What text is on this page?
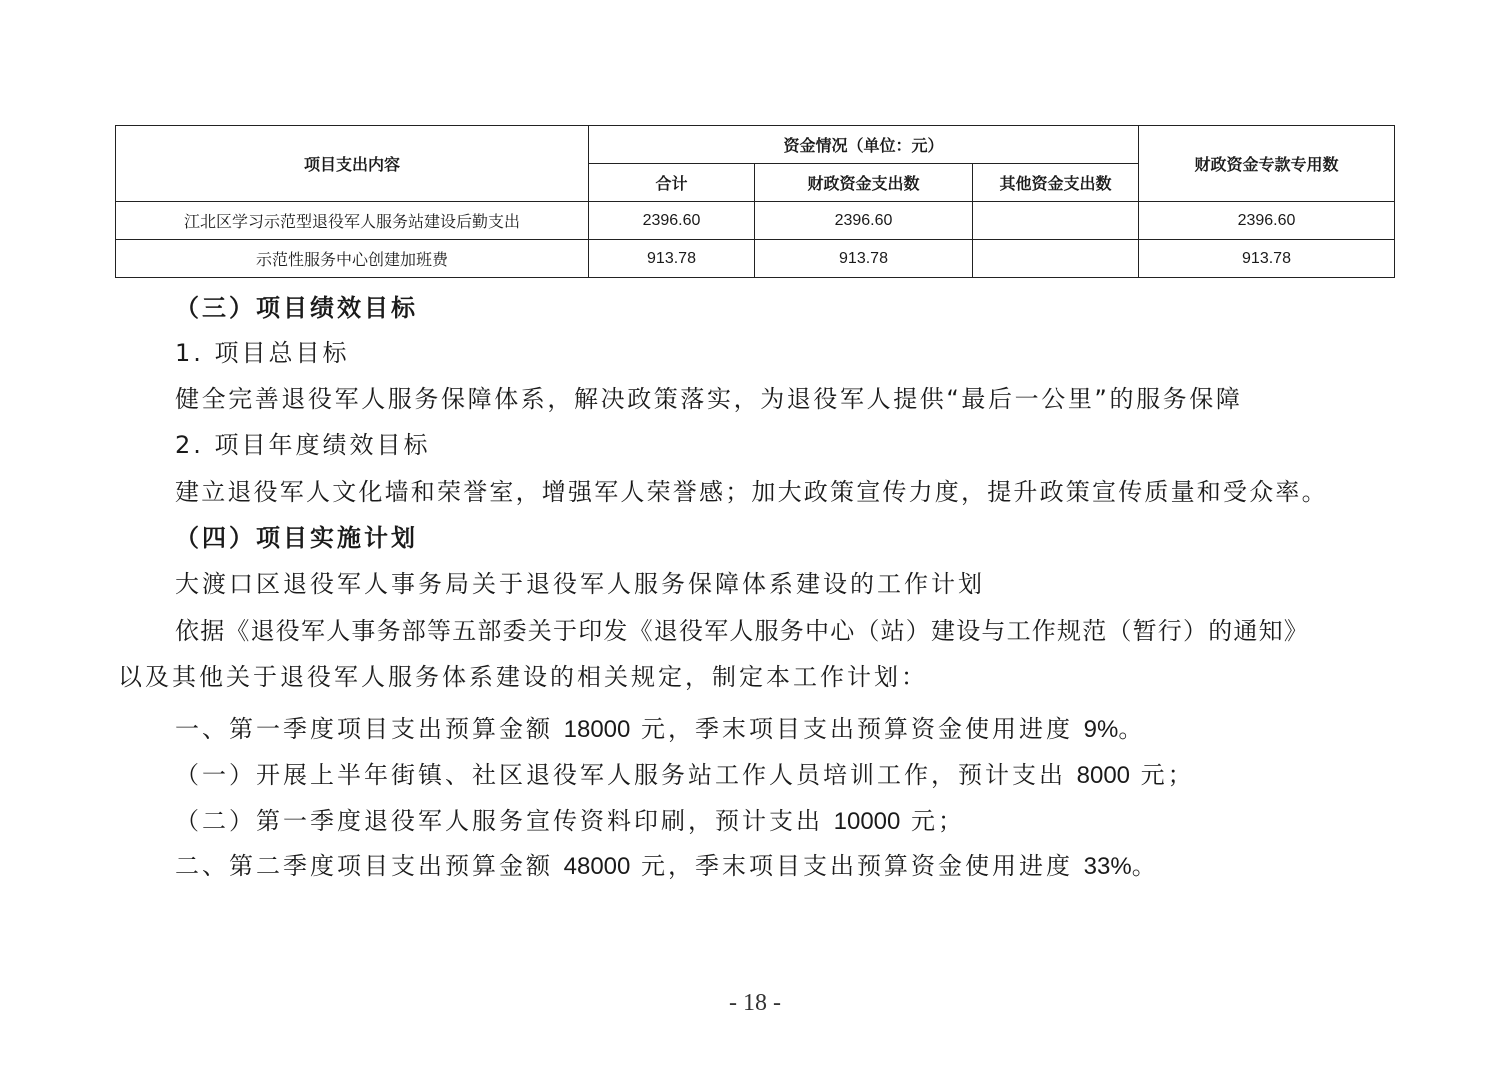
项目支出内容	资金情况（单位：元）			财政资金专款专用数
	合计	财政资金支出数	其他资金支出数	
江北区学习示范型退役军人服务站建设后勤支出	2396.60	2396.60		2396.60
示范性服务中心创建加班费	913.78	913.78		913.78
（三）项目绩效目标
1. 项目总目标
健全完善退役军人服务保障体系，解决政策落实，为退役军人提供“最后一公里”的服务保障
2. 项目年度绩效目标
建立退役军人文化墙和荣誉室，增强军人荣誉感；加大政策宣传力度，提升政策宣传质量和受众率。
（四）项目实施计划
大渡口区退役军人事务局关于退役军人服务保障体系建设的工作计划
依据《退役军人事务部等五部委关于印发《退役军人服务中心（站）建设与工作规范（暂行）的通知》
以及其他关于退役军人服务体系建设的相关规定，制定本工作计划：
一、第一季度项目支出预算金额 18000 元，季末项目支出预算资金使用进度 9%。
（一）开展上半年街镇、社区退役军人服务站工作人员培训工作，预计支出 8000 元；
（二）第一季度退役军人服务宣传资料印刷，预计支出 10000 元；
二、第二季度项目支出预算金额 48000 元，季末项目支出预算资金使用进度 33%。
- 18 -
